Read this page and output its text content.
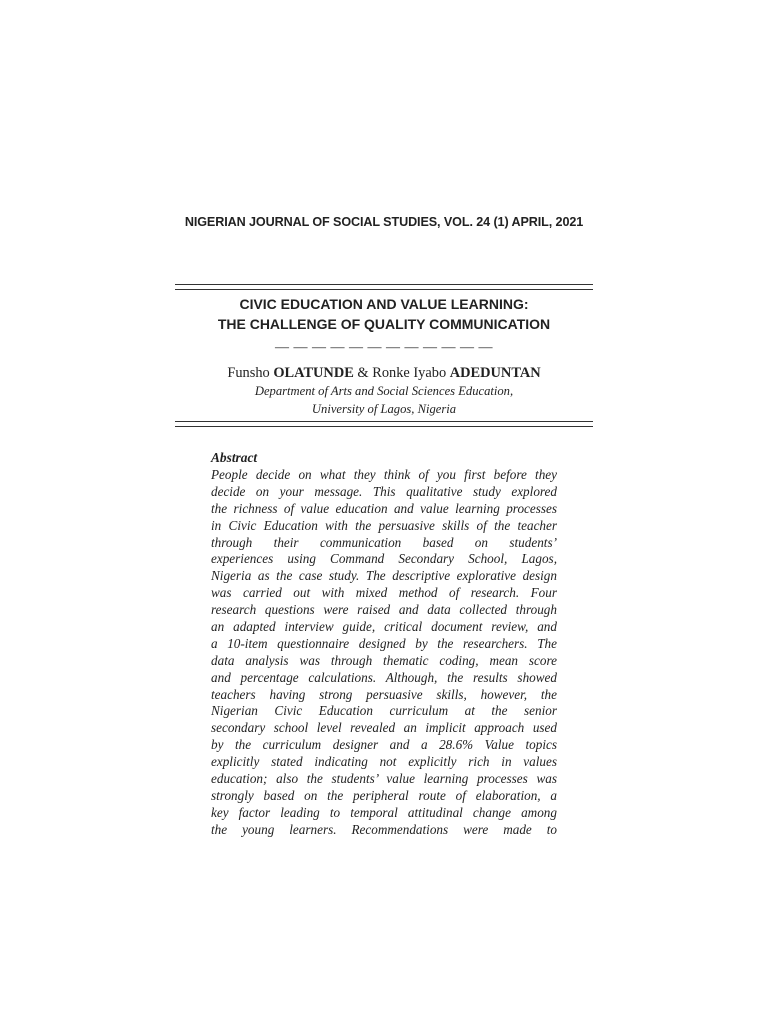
NIGERIAN JOURNAL OF SOCIAL STUDIES, VOL. 24 (1) APRIL, 2021
CIVIC EDUCATION AND VALUE LEARNING:
THE CHALLENGE OF QUALITY COMMUNICATION
— — — — — — — — — — — —
Funsho OLATUNDE & Ronke Iyabo ADEDUNTAN
Department of Arts and Social Sciences Education,
University of Lagos, Nigeria
Abstract
People decide on what they think of you first before they
decide on your message. This qualitative study explored
the richness of value education and value learning processes
in Civic Education with the persuasive skills of the teacher
through their communication based on students’
experiences using Command Secondary School, Lagos,
Nigeria as the case study. The descriptive explorative design
was carried out with mixed method of research. Four
research questions were raised and data collected through
an adapted interview guide, critical document review, and
a 10-item questionnaire designed by the researchers. The
data analysis was through thematic coding, mean score
and percentage calculations. Although, the results showed
teachers having strong persuasive skills, however, the
Nigerian Civic Education curriculum at the senior
secondary school level revealed an implicit approach used
by the curriculum designer and a 28.6% Value topics
explicitly stated indicating not explicitly rich in values
education; also the students’ value learning processes was
strongly based on the peripheral route of elaboration, a
key factor leading to temporal attitudinal change among
the young learners. Recommendations were made to
